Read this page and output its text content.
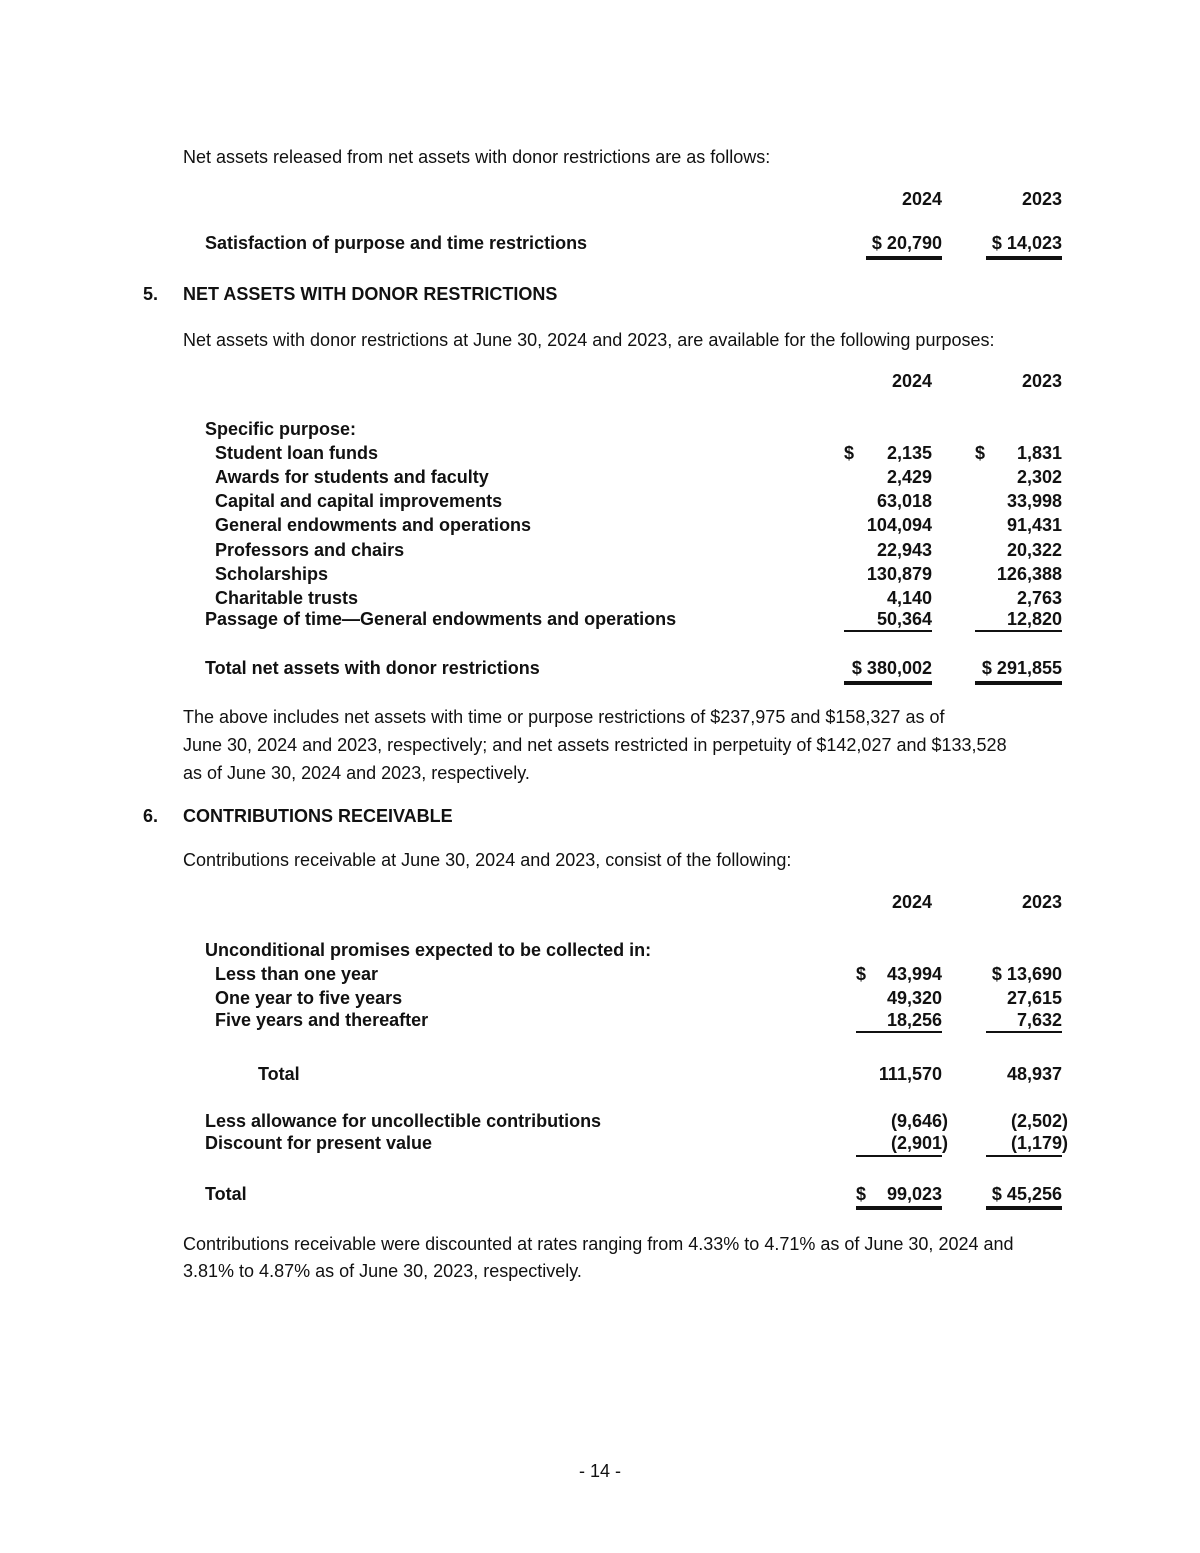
Net assets released from net assets with donor restrictions are as follows:
2024	2023
Satisfaction of purpose and time restrictions	$ 20,790	$ 14,023
5. NET ASSETS WITH DONOR RESTRICTIONS
Net assets with donor restrictions at June 30, 2024 and 2023, are available for the following purposes:
2024	2023
Specific purpose:
$	$
Student loan funds	2,135	1,831
Awards for students and faculty	2,429	2,302
Capital and capital improvements	63,018	33,998
General endowments and operations	104,094	91,431
Professors and chairs	22,943	20,322
Scholarships	130,879	126,388
Charitable trusts	4,140	2,763
Passage of time—General endowments and operations	50,364	12,820
Total net assets with donor restrictions	$ 380,002	$ 291,855
The above includes net assets with time or purpose restrictions of $237,975 and $158,327 as of
June 30, 2024 and 2023, respectively; and net assets restricted in perpetuity of $142,027 and $133,528
as of June 30, 2024 and 2023, respectively.
6. CONTRIBUTIONS RECEIVABLE
Contributions receivable at June 30, 2024 and 2023, consist of the following:
2024	2023
Unconditional promises expected to be collected in:
$
Less than one year	43,994	$ 13,690
One year to five years	49,320	27,615
Five years and thereafter	18,256	7,632
Total	111,570	48,937
Less allowance for uncollectible contributions	(9,646)	(2,502)
Discount for present value	(2,901)	(1,179)
Total	$	99,023	$ 45,256
Contributions receivable were discounted at rates ranging from 4.33% to 4.71% as of June 30, 2024 and
3.81% to 4.87% as of June 30, 2023, respectively.
- 14 -
